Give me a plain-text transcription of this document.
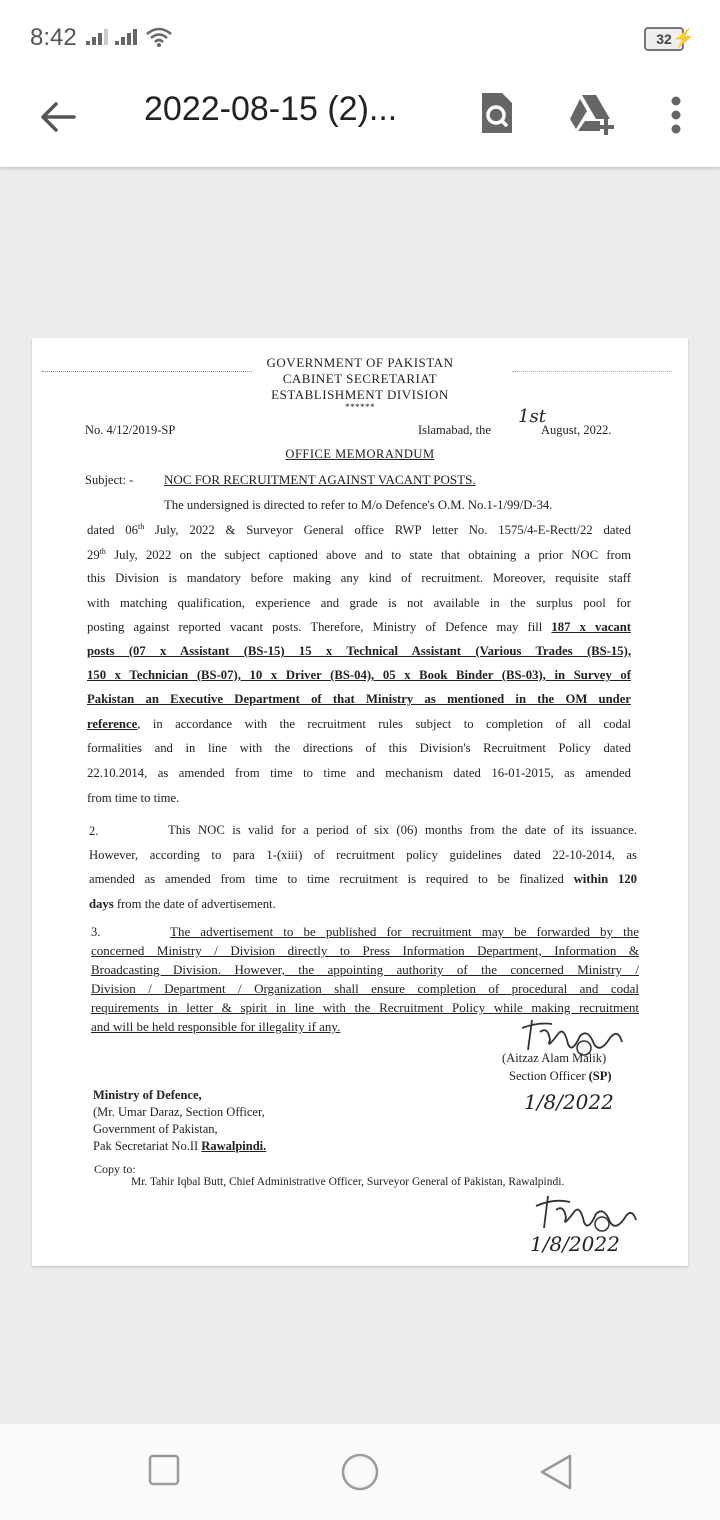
8:42	32 ⚡
2022-08-15 (2)...
GOVERNMENT OF PAKISTAN
CABINET SECRETARIAT
ESTABLISHMENT DIVISION
******
No. 4/12/2019-SP	Islamabad, the
1st
August, 2022.
OFFICE MEMORANDUM
Subject: - NOC FOR RECRUITMENT AGAINST VACANT POSTS.
The undersigned is directed to refer to M/o Defence's O.M. No.1-1/99/D-34.
dated 06th July, 2022 & Surveyor General office RWP letter No. 1575/4-E-Rectt/22 dated
29th July, 2022 on the subject captioned above and to state that obtaining a prior NOC from
this Division is mandatory before making any kind of recruitment. Moreover, requisite staff
with matching qualification, experience and grade is not available in the surplus pool for
posting against reported vacant posts. Therefore, Ministry of Defence may fill 187 x vacant
posts (07 x Assistant (BS-15) 15 x Technical Assistant (Various Trades (BS-15),
150 x Technician (BS-07), 10 x Driver (BS-04), 05 x Book Binder (BS-03), in Survey of
Pakistan an Executive Department of that Ministry as mentioned in the OM under
reference, in accordance with the recruitment rules subject to completion of all codal
formalities and in line with the directions of this Division's Recruitment Policy dated
22.10.2014, as amended from time to time and mechanism dated 16-01-2015, as amended
from time to time.
2.	This NOC is valid for a period of six (06) months from the date of its issuance.
However, according to para 1-(xiii) of recruitment policy guidelines dated 22-10-2014, as
amended as amended from time to time recruitment is required to be finalized within 120
days from the date of advertisement.
3.	The advertisement to be published for recruitment may be forwarded by the
concerned Ministry / Division directly to Press Information Department, Information &
Broadcasting Division. However, the appointing authority of the concerned Ministry /
Division / Department / Organization shall ensure completion of procedural and codal
requirements in letter & spirit in line with the Recruitment Policy while making recruitment
and will be held responsible for illegality if any.
(Aitzaz Alam Malik)
Section Officer (SP)
1/8/2022
Ministry of Defence,
(Mr. Umar Daraz, Section Officer,
Government of Pakistan,
Pak Secretariat No.II Rawalpindi.
Copy to:
Mr. Tahir Iqbal Butt, Chief Administrative Officer, Surveyor General of Pakistan, Rawalpindi.
1/8/2022
